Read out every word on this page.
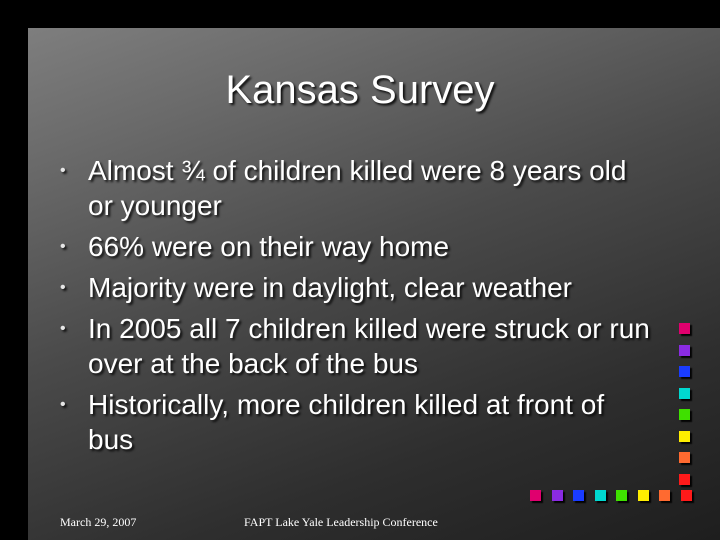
Kansas Survey
• Almost ¾ of children killed were 8 years old or younger
• 66% were on their way home
• Majority were in daylight, clear weather
• In 2005 all 7 children killed were struck or run over at the back of the bus
• Historically, more children killed at front of bus
March 29, 2007	FAPT Lake Yale Leadership Conference
